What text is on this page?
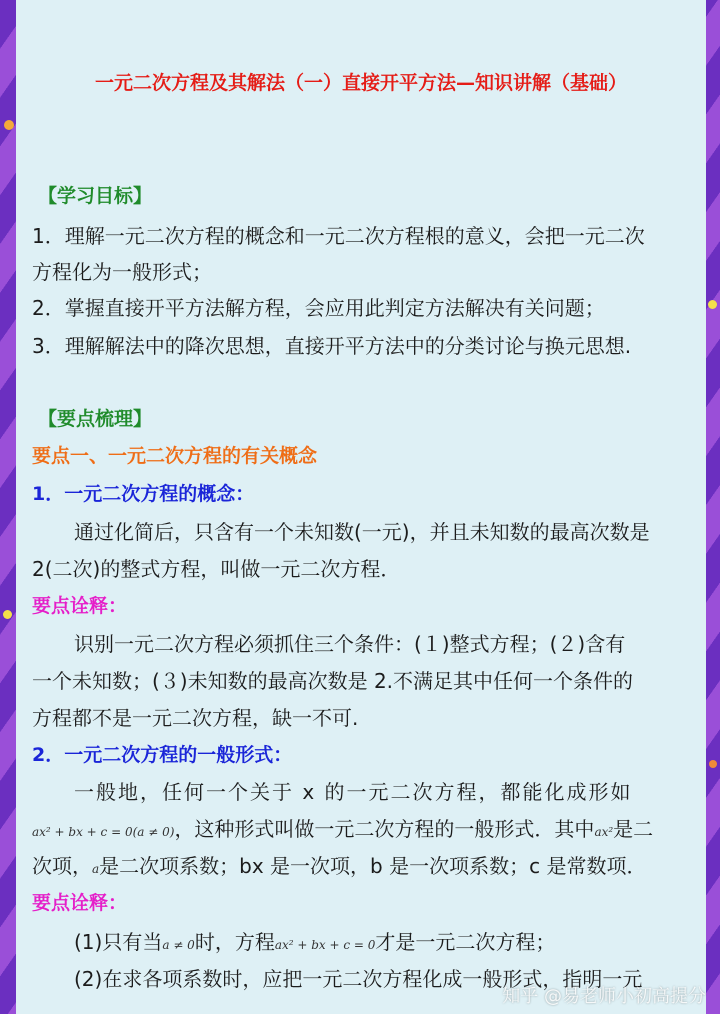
一元二次方程及其解法（一）直接开平方法—知识讲解（基础）
【学习目标】
1．理解一元二次方程的概念和一元二次方程根的意义，会把一元二次
方程化为一般形式；
2．掌握直接开平方法解方程，会应用此判定方法解决有关问题；
3．理解解法中的降次思想，直接开平方法中的分类讨论与换元思想.
【要点梳理】
要点一、一元二次方程的有关概念
1．一元二次方程的概念：
通过化简后，只含有一个未知数(一元)，并且未知数的最高次数是
2(二次)的整式方程，叫做一元二次方程．
要点诠释：
识别一元二次方程必须抓住三个条件：(１)整式方程；(２)含有
一个未知数；(３)未知数的最高次数是 2.不满足其中任何一个条件的
方程都不是一元二次方程，缺一不可.
2．一元二次方程的一般形式：
一般地，任何一个关于 x 的一元二次方程，都能化成形如
ax² + bx + c = 0(a ≠ 0)，这种形式叫做一元二次方程的一般形式．其中ax²是二
次项，a是二次项系数；bx 是一次项，b 是一次项系数；c 是常数项．
要点诠释：
(1)只有当a ≠ 0时，方程ax² + bx + c = 0才是一元二次方程；
(2)在求各项系数时，应把一元二次方程化成一般形式，指明一元
知乎 @易老师小初高提分
